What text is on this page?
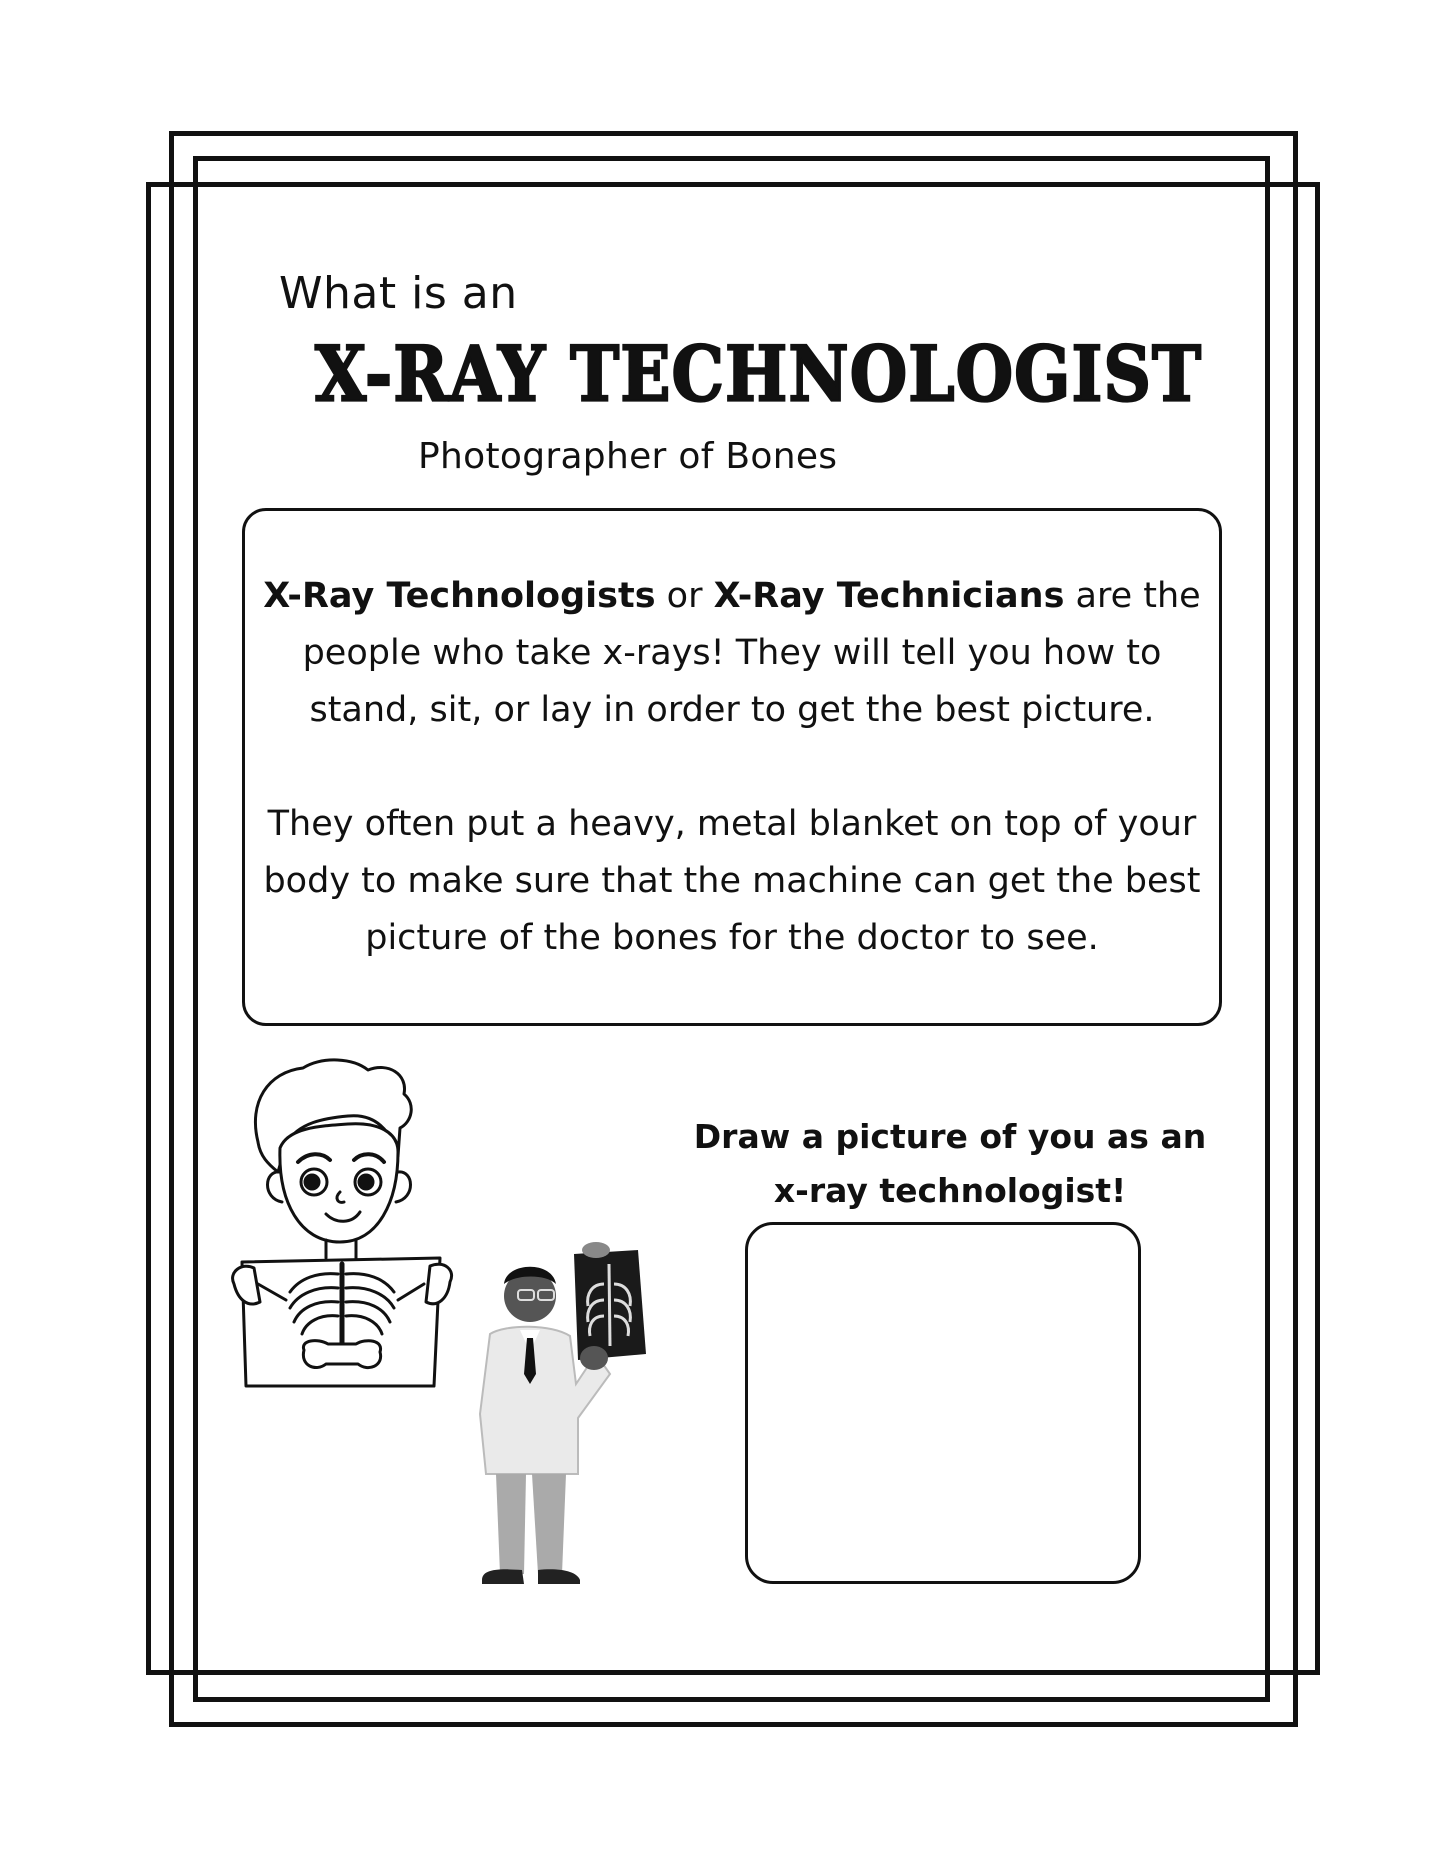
What is an
X-RAY TECHNOLOGIST
Photographer of Bones

X-Ray Technologists or X-Ray Technicians are the people who take x-rays! They will tell you how to stand, sit, or lay in order to get the best picture.

They often put a heavy, metal blanket on top of your body to make sure that the machine can get the best picture of the bones for the doctor to see.

Draw a picture of you as an
x-ray technologist!
